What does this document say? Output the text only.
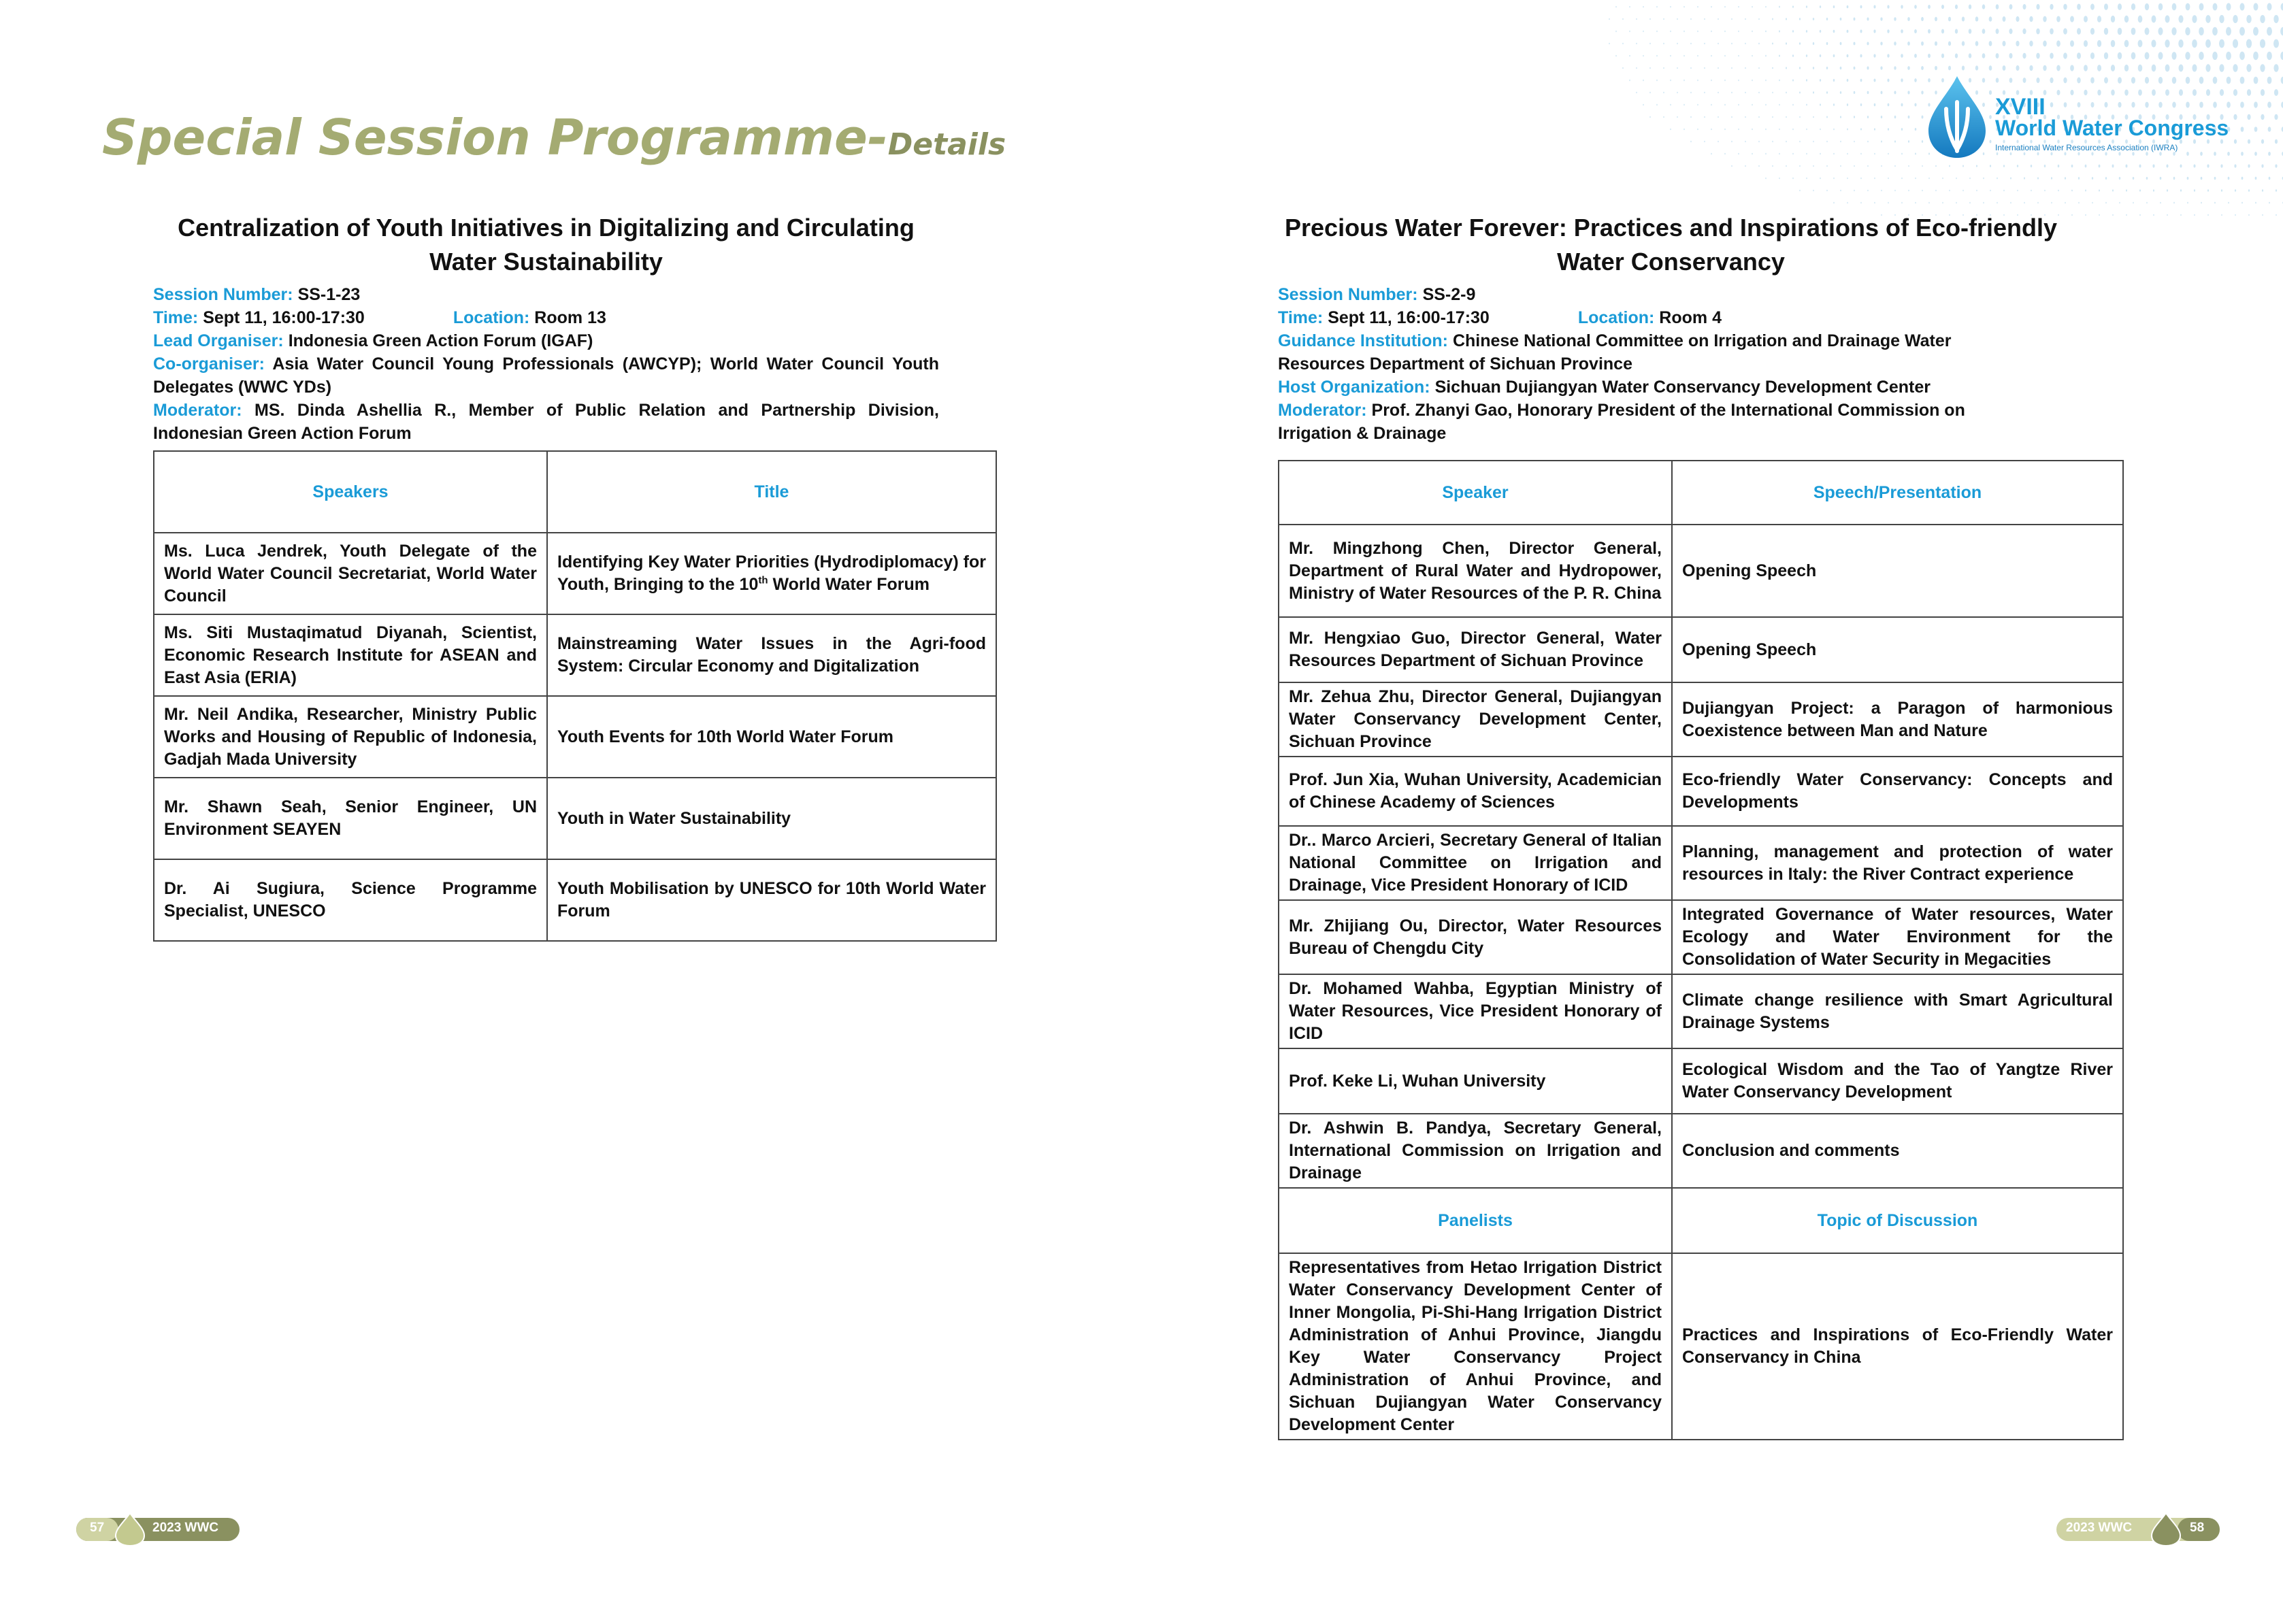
Special Session Programme-Details
XVIII
World Water Congress
International Water Resources Association (IWRA)
Centralization of Youth Initiatives in Digitalizing and Circulating Water Sustainability
Session Number: SS-1-23
Time: Sept 11, 16:00-17:30	Location: Room 13
Lead Organiser: Indonesia Green Action Forum (IGAF)
Co-organiser: Asia Water Council Young Professionals (AWCYP); World Water Council Youth Delegates (WWC YDs)
Moderator: MS. Dinda Ashellia R., Member of Public Relation and Partnership Division, Indonesian Green Action Forum
Speakers	Title
Ms. Luca Jendrek, Youth Delegate of the World Water Council Secretariat, World Water Council	Identifying Key Water Priorities (Hydrodiplomacy) for Youth, Bringing to the 10th World Water Forum
Ms. Siti Mustaqimatud Diyanah, Scientist, Economic Research Institute for ASEAN and East Asia (ERIA)	Mainstreaming Water Issues in the Agri-food System: Circular Economy and Digitalization
Mr. Neil Andika, Researcher, Ministry Public Works and Housing of Republic of Indonesia, Gadjah Mada University	Youth Events for 10th World Water Forum
Mr. Shawn Seah, Senior Engineer, UN Environment SEAYEN	Youth in Water Sustainability
Dr. Ai Sugiura, Science Programme Specialist, UNESCO	Youth Mobilisation by UNESCO for 10th World Water Forum
Precious Water Forever: Practices and Inspirations of Eco-friendly Water Conservancy
Session Number: SS-2-9
Time: Sept 11, 16:00-17:30	Location: Room 4
Guidance Institution: Chinese National Committee on Irrigation and Drainage Water Resources Department of Sichuan Province
Host Organization: Sichuan Dujiangyan Water Conservancy Development Center
Moderator: Prof. Zhanyi Gao, Honorary President of the International Commission on Irrigation & Drainage
Speaker	Speech/Presentation
Mr. Mingzhong Chen, Director General, Department of Rural Water and Hydropower, Ministry of Water Resources of the P. R. China	Opening Speech
Mr. Hengxiao Guo, Director General, Water Resources Department of Sichuan Province	Opening Speech
Mr. Zehua Zhu, Director General, Dujiangyan Water Conservancy Development Center, Sichuan Province	Dujiangyan Project: a Paragon of harmonious Coexistence between Man and Nature
Prof. Jun Xia, Wuhan University, Academician of Chinese Academy of Sciences	Eco-friendly Water Conservancy: Concepts and Developments
Dr.. Marco Arcieri, Secretary General of Italian National Committee on Irrigation and Drainage, Vice President Honorary of ICID	Planning, management and protection of water resources in Italy: the River Contract experience
Mr. Zhijiang Ou, Director, Water Resources Bureau of Chengdu City	Integrated Governance of Water resources, Water Ecology and Water Environment for the Consolidation of Water Security in Megacities
Dr. Mohamed Wahba, Egyptian Ministry of Water Resources, Vice President Honorary of ICID	Climate change resilience with Smart Agricultural Drainage Systems
Prof. Keke Li, Wuhan University	Ecological Wisdom and the Tao of Yangtze River Water Conservancy Development
Dr. Ashwin B. Pandya, Secretary General, International Commission on Irrigation and Drainage	Conclusion and comments
Panelists	Topic of Discussion
Representatives from Hetao Irrigation District Water Conservancy Development Center of Inner Mongolia, Pi-Shi-Hang Irrigation District Administration of Anhui Province, Jiangdu Key Water Conservancy Project Administration of Anhui Province, and Sichuan Dujiangyan Water Conservancy Development Center	Practices and Inspirations of Eco-Friendly Water Conservancy in China
57	2023 WWC	2023 WWC	58
